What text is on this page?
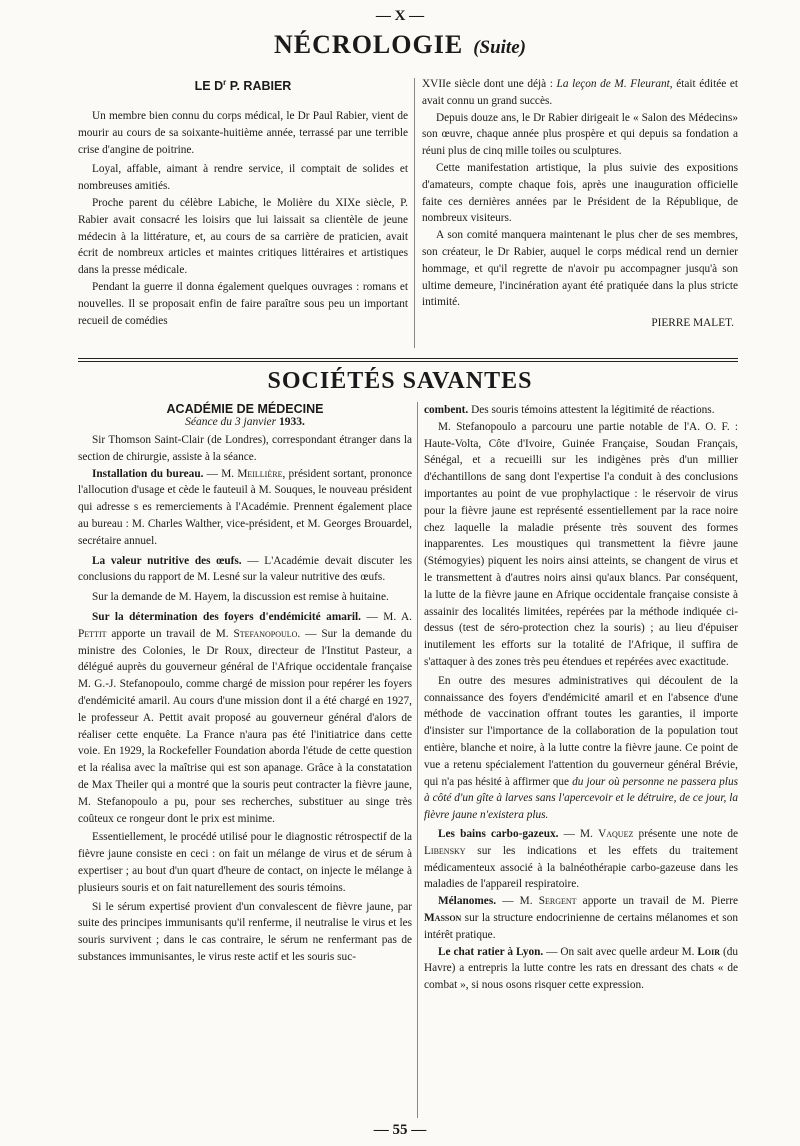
— X —
NÉCROLOGIE (Suite)
LE $D^r$ P. RABIER

Un membre bien connu du corps médical, le Dr Paul Rabier, vient de mourir au cours de sa soixante-huitième année, terrassé par une terrible crise d'angine de poitrine.

Loyal, affable, aimant à rendre service, il comptait de solides et nombreuses amitiés.

Proche parent du célèbre Labiche, le Molière du XIXe siècle, P. Rabier avait consacré les loisirs que lui laissait sa clientèle de jeune médecin à la littérature, et, au cours de sa carrière de praticien, avait écrit de nombreux articles et maintes critiques littéraires et artistiques dans la presse médicale.

Pendant la guerre il donna également quelques ouvrages : romans et nouvelles. Il se proposait enfin de faire paraître sous peu un important recueil de comédies

XVIIe siècle dont une déjà : La leçon de M. Fleurant, était éditée et avait connu un grand succès.

Depuis douze ans, le Dr Rabier dirigeait le « Salon des Médecins» son œuvre, chaque année plus prospère et qui depuis sa fondation a réuni plus de cinq mille toiles ou sculptures.

Cette manifestation artistique, la plus suivie des expositions d'amateurs, compte chaque fois, après une inauguration officielle faite ces dernières années par le Président de la République, de nombreux visiteurs.

A son comité manquera maintenant le plus cher de ses membres, son créateur, le Dr Rabier, auquel le corps médical rend un dernier hommage, et qu'il regrette de n'avoir pu accompagner jusqu'à son ultime demeure, l'incinération ayant été pratiquée dans la plus stricte intimité.

PIERRE MALET.
SOCIÉTÉS SAVANTES
ACADÉMIE DE MÉDECINE
Séance du 3 janvier 1933.

Sir Thomson Saint-Clair (de Londres), correspondant étranger dans la section de chirurgie, assiste à la séance.

Installation du bureau. — M. Meillière, président sortant, prononce l'allocution d'usage et cède le fauteuil à M. Souques, le nouveau président qui adresse s es remerciements à l'Académie. Prennent également place au bureau : M. Charles Walther, vice-président, et M. Georges Brouardel, secrétaire annuel.

La valeur nutritive des œufs. — L'Académie devait discuter les conclusions du rapport de M. Lesné sur la valeur nutritive des œufs.

Sur la demande de M. Hayem, la discussion est remise à huitaine.

Sur la détermination des foyers d'endémicité amaril. — M. A. Pettit apporte un travail de M. Stefanopoulo. — Sur la demande du ministre des Colonies, le Dr Roux, directeur de l'Institut Pasteur, a délégué auprès du gouverneur général de l'Afrique occidentale française M. G.-J. Stefanopoulo, comme chargé de mission pour repérer les foyers d'endémicité amaril. Au cours d'une mission dont il a été chargé en 1927, le professeur A. Pettit avait proposé au gouverneur général d'alors de réaliser cette enquête. La France n'aura pas été l'initiatrice dans cette voie. En 1929, la Rockefeller Foundation aborda l'étude de cette question et la réalisa avec la maîtrise qui est son apanage. Grâce à la constatation de Max Theiler qui a montré que la souris peut contracter la fièvre jaune, M. Stefanopoulo a pu, pour ses recherches, substituer au singe très coûteux ce rongeur dont le prix est minime.

Essentiellement, le procédé utilisé pour le diagnostic rétrospectif de la fièvre jaune consiste en ceci : on fait un mélange de virus et de sérum à expertiser ; au bout d'un quart d'heure de contact, on injecte le mélange à plusieurs souris et on fait naturellement des souris témoins.

Si le sérum expertisé provient d'un convalescent de fièvre jaune, par suite des principes immunisants qu'il renferme, il neutralise le virus et les souris survivent ; dans le cas contraire, le sérum ne renfermant pas de substances immunisantes, le virus reste actif et les souris suc-

combent. Des souris témoins attestent la légitimité de réactions.

M. Stefanopoulo a parcouru une partie notable de l'A. O. F. : Haute-Volta, Côte d'Ivoire, Guinée Française, Soudan Français, Sénégal, et a recueilli sur les indigènes près d'un millier d'échantillons de sang dont l'expertise l'a conduit à des conclusions importantes au point de vue prophylactique : le réservoir de virus pour la fièvre jaune est représenté essentiellement par la race noire chez laquelle la maladie présente très souvent des formes inapparentes. Les moustiques qui transmettent la fièvre jaune (Stémogyies) piquent les noirs ainsi atteints, se changent de virus et le transmettent à d'autres noirs ainsi qu'aux blancs. Par conséquent, la lutte de la fièvre jaune en Afrique occidentale française consiste à assainir des localités limitées, repérées par la méthode indiquée ci-dessus (test de séro-protection chez la souris) ; au lieu d'épuiser inutilement les efforts sur la totalité de l'Afrique, il suffira de s'attaquer à des zones très peu étendues et repérées avec exactitude.

En outre des mesures administratives qui découlent de la connaissance des foyers d'endémicité amaril et en l'absence d'une méthode de vaccination offrant toutes les garanties, il importe d'insister sur l'importance de la collaboration de la population tout entière, blanche et noire, à la lutte contre la fièvre jaune. Ce point de vue a retenu spécialement l'attention du gouverneur général Brévie, qui n'a pas hésité à affirmer que du jour où personne ne passera plus à côté d'un gîte à larves sans l'apercevoir et le détruire, de ce jour, la fièvre jaune n'existera plus.

Les bains carbo-gazeux. — M. Vaquez présente une note de Libensky sur les indications et les effets du traitement médicamenteux associé à la balnéothérapie carbo-gazeuse dans les maladies de l'appareil respiratoire.

Mélanomes. — M. Sergent apporte un travail de M. Pierre Masson sur la structure endocrinienne de certains mélanomes et son intérêt pratique.

Le chat ratier à Lyon. — On sait avec quelle ardeur M. Loir (du Havre) a entrepris la lutte contre les rats en dressant des chats « de combat », si nous osons risquer cette expression.

— 55 —
